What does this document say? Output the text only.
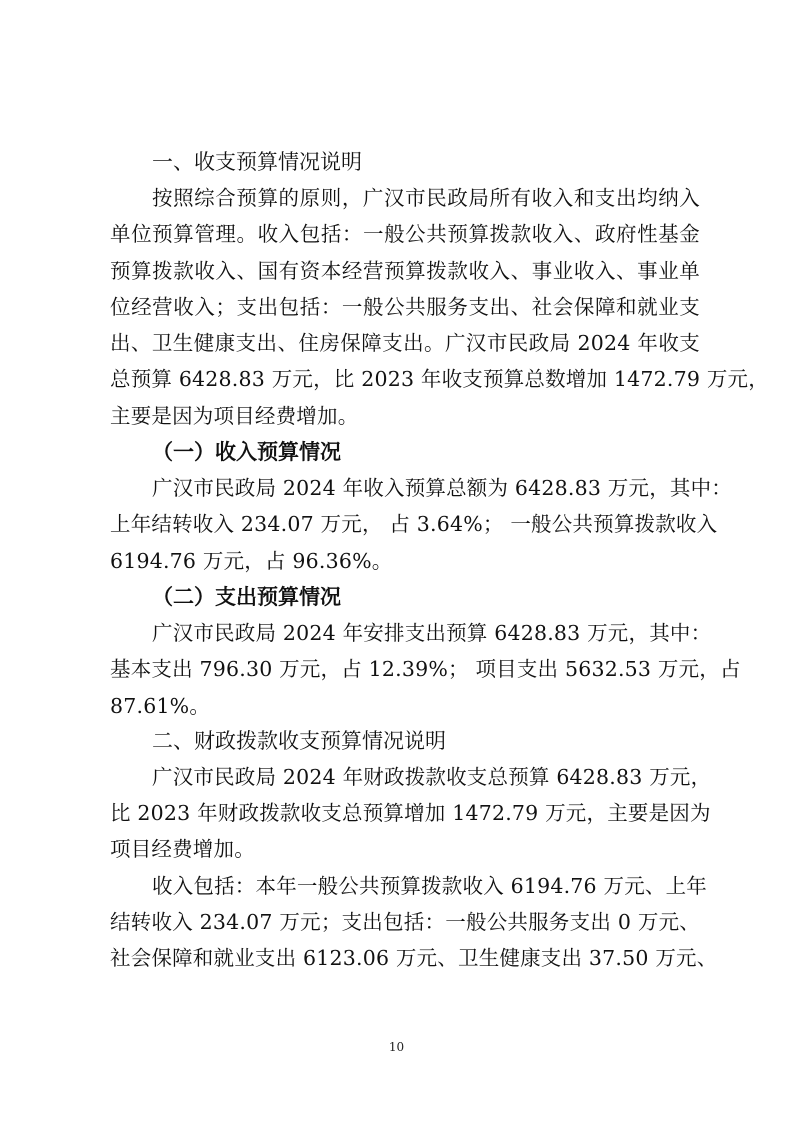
一、收支预算情况说明
按照综合预算的原则，广汉市民政局所有收入和支出均纳入
单位预算管理。收入包括：一般公共预算拨款收入、政府性基金
预算拨款收入、国有资本经营预算拨款收入、事业收入、事业单
位经营收入；支出包括：一般公共服务支出、社会保障和就业支
出、卫生健康支出、住房保障支出。广汉市民政局 2024 年收支
总预算 6428.83 万元，比 2023 年收支预算总数增加 1472.79 万元，
主要是因为项目经费增加。
（一）收入预算情况
广汉市民政局 2024 年收入预算总额为 6428.83 万元，其中：
上年结转收入 234.07 万元， 占 3.64%； 一般公共预算拨款收入
6194.76 万元，占 96.36%。
（二）支出预算情况
广汉市民政局 2024 年安排支出预算 6428.83 万元，其中：
基本支出 796.30 万元，占 12.39%； 项目支出 5632.53 万元，占
87.61%。
二、财政拨款收支预算情况说明
广汉市民政局 2024 年财政拨款收支总预算 6428.83 万元，
比 2023 年财政拨款收支总预算增加 1472.79 万元，主要是因为
项目经费增加。
收入包括：本年一般公共预算拨款收入 6194.76 万元、上年
结转收入 234.07 万元；支出包括：一般公共服务支出 0 万元、
社会保障和就业支出 6123.06 万元、卫生健康支出 37.50 万元、
10
